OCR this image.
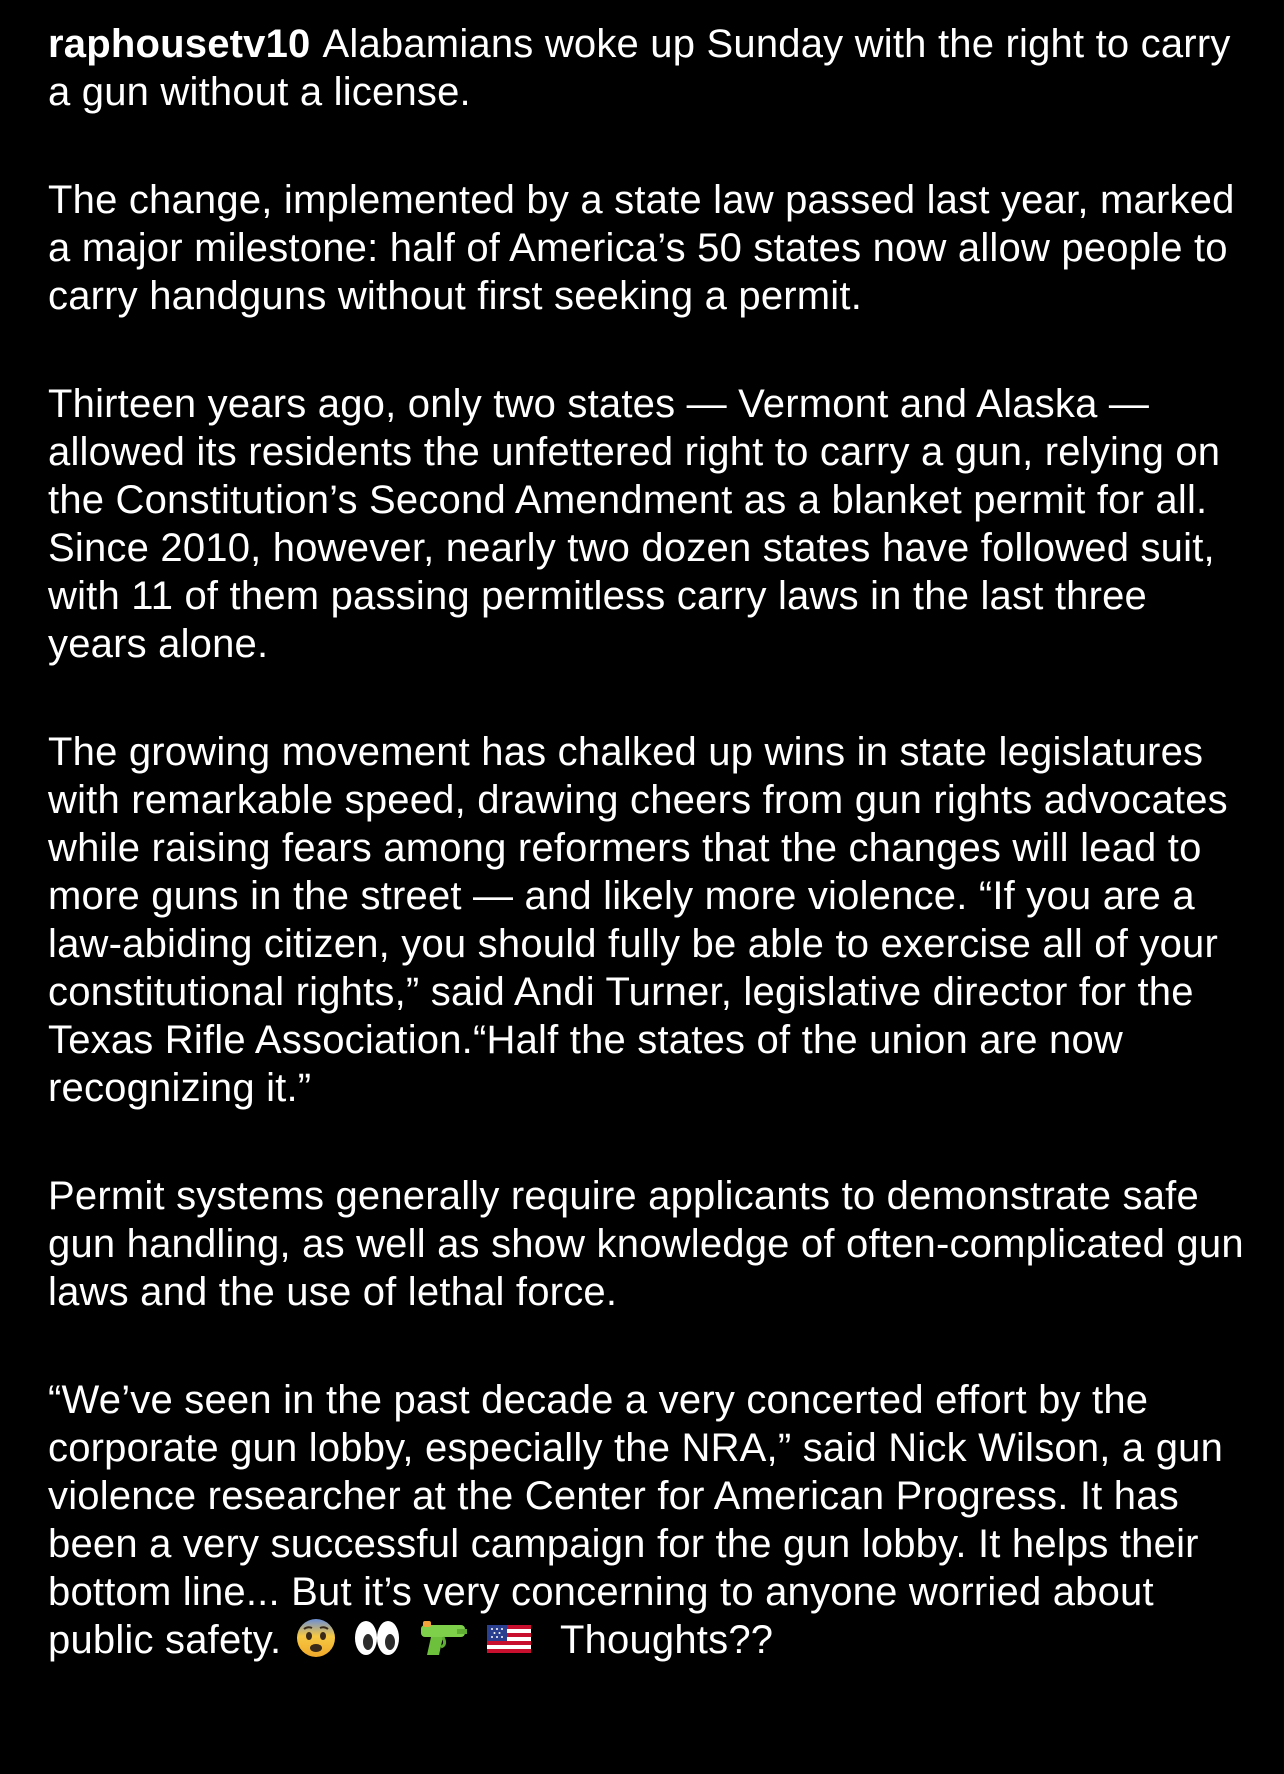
raphousetv10 Alabamians woke up Sunday with the right to carry a gun without a license.

The change, implemented by a state law passed last year, marked a major milestone: half of America’s 50 states now allow people to carry handguns without first seeking a permit.

Thirteen years ago, only two states — Vermont and Alaska — allowed its residents the unfettered right to carry a gun, relying on the Constitution’s Second Amendment as a blanket permit for all. Since 2010, however, nearly two dozen states have followed suit, with 11 of them passing permitless carry laws in the last three years alone.

The growing movement has chalked up wins in state legislatures with remarkable speed, drawing cheers from gun rights advocates while raising fears among reformers that the changes will lead to more guns in the street — and likely more violence. “If you are a law-abiding citizen, you should fully be able to exercise all of your constitutional rights,” said Andi Turner, legislative director for the Texas Rifle Association.“Half the states of the union are now recognizing it.”

Permit systems generally require applicants to demonstrate safe gun handling, as well as show knowledge of often-complicated gun laws and the use of lethal force.

“We’ve seen in the past decade a very concerted effort by the corporate gun lobby, especially the NRA,” said Nick Wilson, a gun violence researcher at the Center for American Progress. It has been a very successful campaign for the gun lobby. It helps their bottom line... But it’s very concerning to anyone worried about public safety.	Thoughts??
